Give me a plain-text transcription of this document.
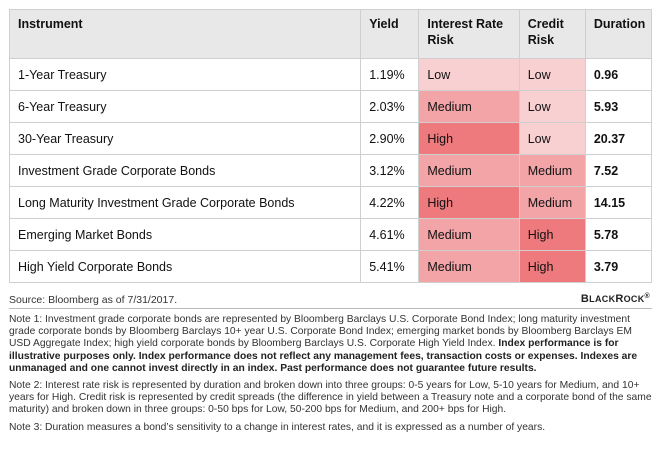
Instrument	Yield	Interest Rate Risk	Credit Risk	Duration
1-Year Treasury	1.19%	Low	Low	0.96
6-Year Treasury	2.03%	Medium	Low	5.93
30-Year Treasury	2.90%	High	Low	20.37
Investment Grade Corporate Bonds	3.12%	Medium	Medium	7.52
Long Maturity Investment Grade Corporate Bonds	4.22%	High	Medium	14.15
Emerging Market Bonds	4.61%	Medium	High	5.78
High Yield Corporate Bonds	5.41%	Medium	High	3.79
Source: Bloomberg as of 7/31/2017.	BLACKROCK®

Note 1: Investment grade corporate bonds are represented by Bloomberg Barclays U.S. Corporate Bond Index; long maturity investment grade corporate bonds by Bloomberg Barclays 10+ year U.S. Corporate Bond Index; emerging market bonds by Bloomberg Barclays EM USD Aggregate Index; high yield corporate bonds by Bloomberg Barclays U.S. Corporate High Yield Index. Index performance is for illustrative purposes only. Index performance does not reflect any management fees, transaction costs or expenses. Indexes are unmanaged and one cannot invest directly in an index. Past performance does not guarantee future results.

Note 2: Interest rate risk is represented by duration and broken down into three groups: 0-5 years for Low, 5-10 years for Medium, and 10+ years for High. Credit risk is represented by credit spreads (the difference in yield between a Treasury note and a corporate bond of the same maturity) and broken down in three groups: 0-50 bps for Low, 50-200 bps for Medium, and 200+ bps for High.

Note 3: Duration measures a bond’s sensitivity to a change in interest rates, and it is expressed as a number of years.
